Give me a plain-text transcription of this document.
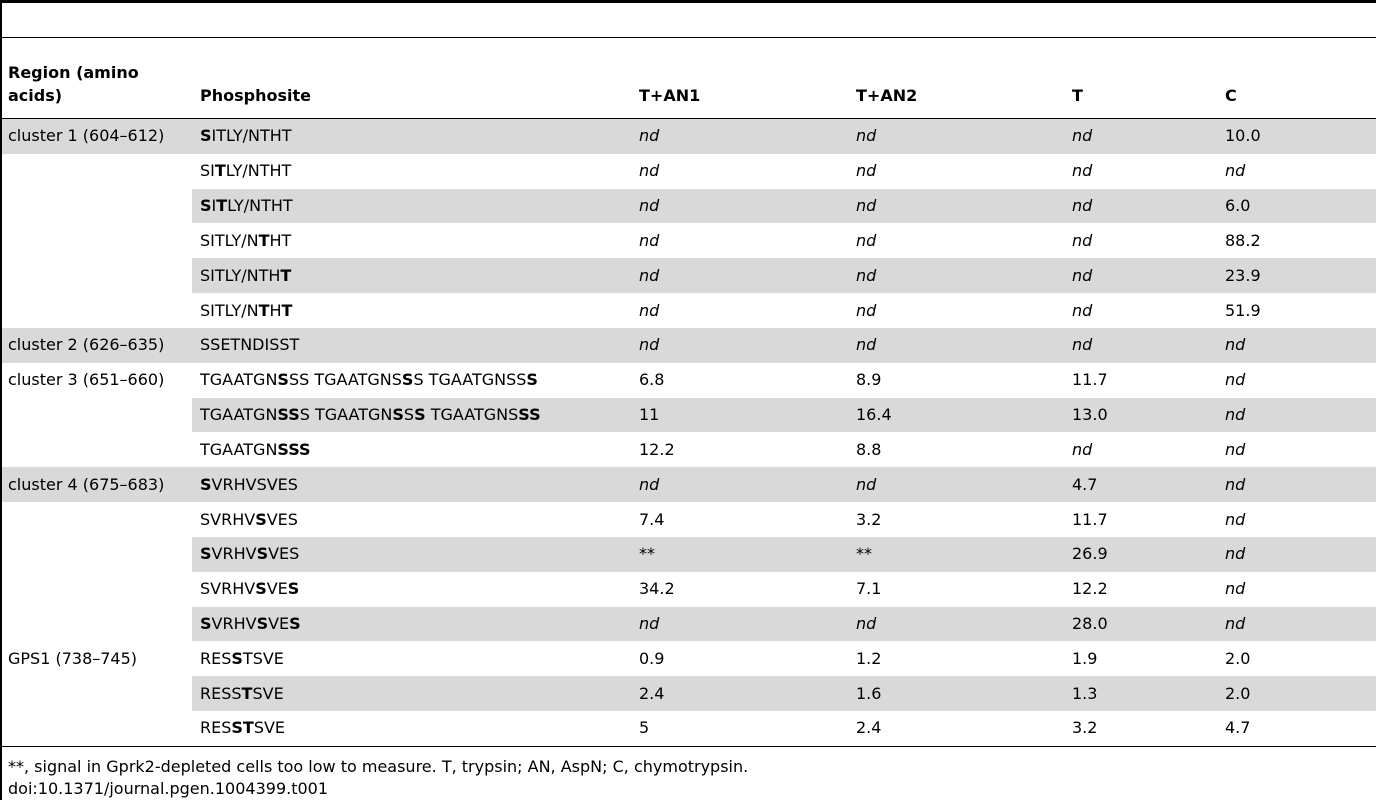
Region (amino acids)	Phosphosite	T+AN1	T+AN2	T	C
cluster 1 (604–612)	SITLY/NTHT	nd	nd	nd	10.0
	SITLY/NTHT	nd	nd	nd	nd
	SITLY/NTHT	nd	nd	nd	6.0
	SITLY/NTHT	nd	nd	nd	88.2
	SITLY/NTHT	nd	nd	nd	23.9
	SITLY/NTHT	nd	nd	nd	51.9
cluster 2 (626–635)	SSETNDISST	nd	nd	nd	nd
cluster 3 (651–660)	TGAATGNSSS TGAATGNSSS TGAATGNSSS	6.8	8.9	11.7	nd
	TGAATGNSSS TGAATGNSSS TGAATGNSSS	11	16.4	13.0	nd
	TGAATGNSSS	12.2	8.8	nd	nd
cluster 4 (675–683)	SVRHVSVES	nd	nd	4.7	nd
	SVRHVSVES	7.4	3.2	11.7	nd
	SVRHVSVES	**	**	26.9	nd
	SVRHVSVES	34.2	7.1	12.2	nd
	SVRHVSVES	nd	nd	28.0	nd
GPS1 (738–745)	RESSTSVE	0.9	1.2	1.9	2.0
	RESSTSVE	2.4	1.6	1.3	2.0
	RESSTSVE	5	2.4	3.2	4.7
**, signal in Gprk2-depleted cells too low to measure. T, trypsin; AN, AspN; C, chymotrypsin.
doi:10.1371/journal.pgen.1004399.t001
